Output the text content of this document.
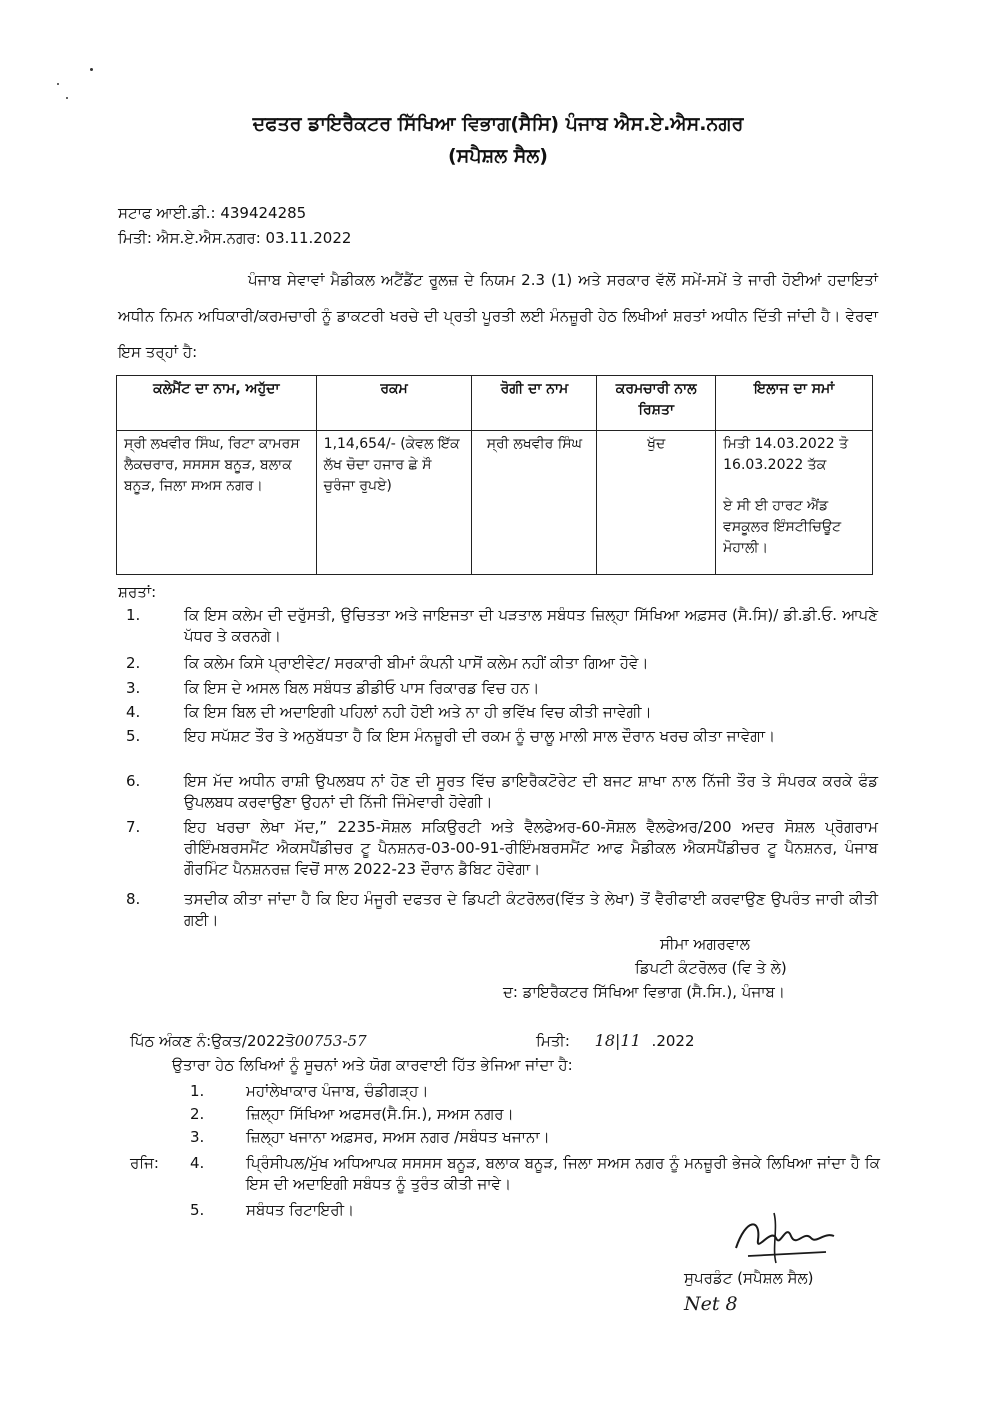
ਦਫਤਰ ਡਾਇਰੈਕਟਰ ਸਿੱਖਿਆ ਵਿਭਾਗ(ਸੈਸਿ) ਪੰਜਾਬ ਐਸ.ਏ.ਐਸ.ਨਗਰ
(ਸਪੈਸ਼ਲ ਸੈਲ)
ਸਟਾਫ ਆਈ.ਡੀ.: 439424285
ਮਿਤੀ: ਐਸ.ਏ.ਐਸ.ਨਗਰ: 03.11.2022
ਪੰਜਾਬ ਸੇਵਾਵਾਂ ਮੈਡੀਕਲ ਅਟੈਂਡੈਂਟ ਰੂਲਜ਼ ਦੇ ਨਿਯਮ 2.3 (1) ਅਤੇ ਸਰਕਾਰ ਵੱਲੋਂ ਸਮੇਂ-ਸਮੇਂ ਤੇ ਜਾਰੀ ਹੋਈਆਂ ਹਦਾਇਤਾਂ ਅਧੀਨ ਨਿਮਨ ਅਧਿਕਾਰੀ/ਕਰਮਚਾਰੀ ਨੂੰ ਡਾਕਟਰੀ ਖਰਚੇ ਦੀ ਪ੍ਰਤੀ ਪੂਰਤੀ ਲਈ ਮੰਨਜ਼ੂਰੀ ਹੇਠ ਲਿਖੀਆਂ ਸ਼ਰਤਾਂ ਅਧੀਨ ਦਿੱਤੀ ਜਾਂਦੀ ਹੈ। ਵੇਰਵਾ ਇਸ ਤਰ੍ਹਾਂ ਹੈ:
ਕਲੇਮੈਂਟ ਦਾ ਨਾਮ, ਅਹੁੱਦਾ	ਰਕਮ	ਰੋਗੀ ਦਾ ਨਾਮ	ਕਰਮਚਾਰੀ ਨਾਲ ਰਿਸ਼ਤਾ	ਇਲਾਜ ਦਾ ਸਮਾਂ
ਸ੍ਰੀ ਲਖਵੀਰ ਸਿੰਘ, ਰਿਟਾ ਕਾਮਰਸ ਲੈਕਚਰਾਰ, ਸਸਸਸ ਬਨੂੜ, ਬਲਾਕ ਬਨੂੜ, ਜਿਲਾ ਸਅਸ ਨਗਰ।	1,14,654/- (ਕੇਵਲ ਇੱਕ ਲੱਖ ਚੋਦਾ ਹਜਾਰ ਛੇ ਸੌ ਚੁਰੰਜਾ ਰੁਪਏ)	ਸ੍ਰੀ ਲਖਵੀਰ ਸਿੰਘ	ਖੁੱਦ	ਮਿਤੀ 14.03.2022 ਤੋ 16.03.2022 ਤੱਕ
ਏ ਸੀ ਈ ਹਾਰਟ ਐਂਡ ਵਸਕੂਲਰ ਇੰਸਟੀਚਿਊਟ ਮੋਹਾਲੀ।
ਸ਼ਰਤਾਂ:
1.	ਕਿ ਇਸ ਕਲੇਮ ਦੀ ਦਰੁੱਸਤੀ, ਉਚਿਤਤਾ ਅਤੇ ਜਾਇਜਤਾ ਦੀ ਪੜਤਾਲ ਸਬੰਧਤ ਜ਼ਿਲ੍ਹਾ ਸਿੱਖਿਆ ਅਫ਼ਸਰ (ਸੈ.ਸਿ)/ ਡੀ.ਡੀ.ਓ. ਆਪਣੇ ਪੱਧਰ ਤੇ ਕਰਨਗੇ।
2.	ਕਿ ਕਲੇਮ ਕਿਸੇ ਪ੍ਰਾਈਵੇਟ/ ਸਰਕਾਰੀ ਬੀਮਾਂ ਕੰਪਨੀ ਪਾਸੋਂ ਕਲੇਮ ਨਹੀਂ ਕੀਤਾ ਗਿਆ ਹੋਵੇ।
3.	ਕਿ ਇਸ ਦੇ ਅਸਲ ਬਿਲ ਸਬੰਧਤ ਡੀਡੀਓ ਪਾਸ ਰਿਕਾਰਡ ਵਿਚ ਹਨ।
4.	ਕਿ ਇਸ ਬਿਲ ਦੀ ਅਦਾਇਗੀ ਪਹਿਲਾਂ ਨਹੀ ਹੋਈ ਅਤੇ ਨਾ ਹੀ ਭਵਿੱਖ ਵਿਚ ਕੀਤੀ ਜਾਵੇਗੀ।
5.	ਇਹ ਸਪੱਸ਼ਟ ਤੌਰ ਤੇ ਅਨੁਬੱਧਤਾ ਹੈ ਕਿ ਇਸ ਮੰਨਜ਼ੂਰੀ ਦੀ ਰਕਮ ਨੂੰ ਚਾਲੂ ਮਾਲੀ ਸਾਲ ਦੌਰਾਨ ਖਰਚ ਕੀਤਾ ਜਾਵੇਗਾ।
6.	ਇਸ ਮੱਦ ਅਧੀਨ ਰਾਸ਼ੀ ਉਪਲਬਧ ਨਾਂ ਹੋਣ ਦੀ ਸੂਰਤ ਵਿੱਚ ਡਾਇਰੈਕਟੋਰੇਟ ਦੀ ਬਜਟ ਸ਼ਾਖਾ ਨਾਲ ਨਿੱਜੀ ਤੌਰ ਤੇ ਸੰਪਰਕ ਕਰਕੇ ਫੰਡ ਉਪਲਬਧ ਕਰਵਾਉਣਾ ਉਹਨਾਂ ਦੀ ਨਿੱਜੀ ਜਿੰਮੇਵਾਰੀ ਹੋਵੇਗੀ।
7.	ਇਹ ਖਰਚਾ ਲੇਖਾ ਮੱਦ,” 2235-ਸੋਸ਼ਲ ਸਕਿਉਰਟੀ ਅਤੇ ਵੈਲਫੇਅਰ-60-ਸੋਸ਼ਲ ਵੈਲਫੇਅਰ/200 ਅਦਰ ਸੋਸ਼ਲ ਪ੍ਰੋਗਰਾਮ ਰੀਇੰਮਬਰਸਮੈਂਟ ਐਕਸਪੈਂਡੀਚਰ ਟੂ ਪੈਨਸ਼ਨਰ-03-00-91-ਰੀਇੰਮਬਰਸਮੈਂਟ ਆਫ ਮੈਡੀਕਲ ਐਕਸਪੈਂਡੀਚਰ ਟੂ ਪੈਨਸ਼ਨਰ, ਪੰਜਾਬ ਗੌਰਮਿੰਟ ਪੈਨਸ਼ਨਰਜ਼ ਵਿਚੋਂ ਸਾਲ 2022-23 ਦੌਰਾਨ ਡੈਬਿਟ ਹੋਵੇਗਾ।
8.	ਤਸਦੀਕ ਕੀਤਾ ਜਾਂਦਾ ਹੈ ਕਿ ਇਹ ਮੰਜੂਰੀ ਦਫਤਰ ਦੇ ਡਿਪਟੀ ਕੰਟਰੋਲਰ(ਵਿੱਤ ਤੇ ਲੇਖਾ) ਤੋਂ ਵੈਰੀਫਾਈ ਕਰਵਾਉਣ ਉਪਰੰਤ ਜਾਰੀ ਕੀਤੀ ਗਈ।
ਸੀਮਾ ਅਗਰਵਾਲ
ਡਿਪਟੀ ਕੰਟਰੋਲਰ (ਵਿ ਤੇ ਲੇ)
ਦ: ਡਾਇਰੈਕਟਰ ਸਿੱਖਿਆ ਵਿਭਾਗ (ਸੈ.ਸਿ.), ਪੰਜਾਬ।
ਪਿੱਠ ਅੰਕਣ ਨੰ:ਉਕਤ/2022ਤੋ00753-57	ਮਿਤੀ: 18|11 .2022
ਉਤਾਰਾ ਹੇਠ ਲਿਖਿਆਂ ਨੂੰ ਸੂਚਨਾਂ ਅਤੇ ਯੋਗ ਕਾਰਵਾਈ ਹਿੱਤ ਭੇਜਿਆ ਜਾਂਦਾ ਹੈ:
1.	ਮਹਾਂਲੇਖਾਕਾਰ ਪੰਜਾਬ, ਚੰਡੀਗੜ੍ਹ।
2.	ਜ਼ਿਲ੍ਹਾ ਸਿੱਖਿਆ ਅਫਸਰ(ਸੈ.ਸਿ.), ਸਅਸ ਨਗਰ।
3.	ਜ਼ਿਲ੍ਹਾ ਖਜਾਨਾ ਅਫ਼ਸਰ, ਸਅਸ ਨਗਰ /ਸਬੰਧਤ ਖਜਾਨਾ।
ਰਜਿ: 4.	ਪ੍ਰਿੰਸੀਪਲ/ਮੁੱਖ ਅਧਿਆਪਕ ਸਸਸਸ ਬਨੂੜ, ਬਲਾਕ ਬਨੂੜ, ਜਿਲਾ ਸਅਸ ਨਗਰ ਨੂੰ ਮਨਜ਼ੂਰੀ ਭੇਜਕੇ ਲਿਖਿਆ ਜਾਂਦਾ ਹੈ ਕਿ ਇਸ ਦੀ ਅਦਾਇਗੀ ਸਬੰਧਤ ਨੂੰ ਤੁਰੰਤ ਕੀਤੀ ਜਾਵੇ।
5.	ਸਬੰਧਤ ਰਿਟਾਇਰੀ।
ਸੁਪਰਡੰਟ (ਸਪੈਸ਼ਲ ਸੈਲ)
Net 8
